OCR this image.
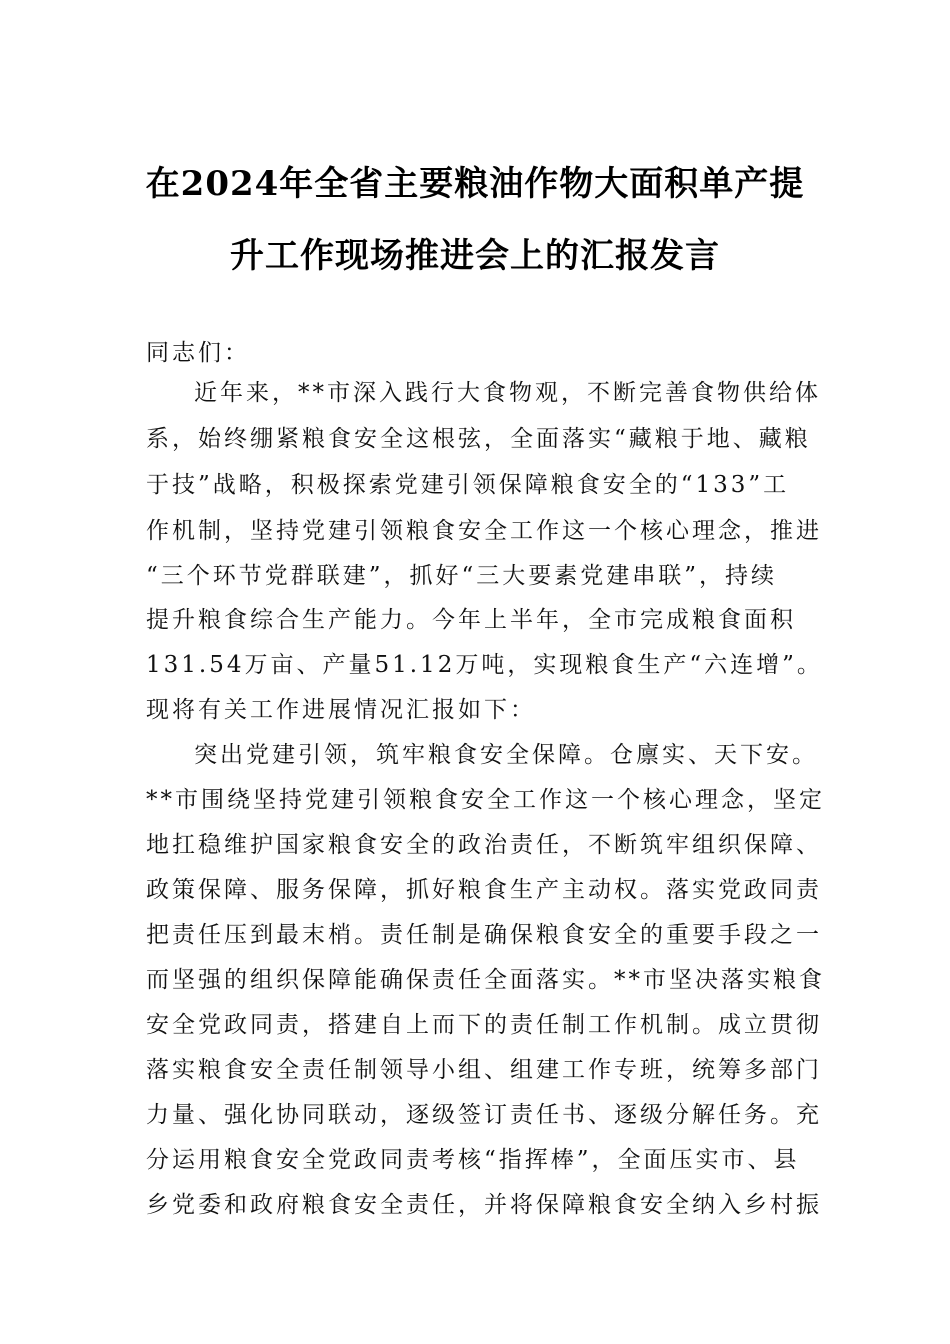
在2024年全省主要粮油作物大面积单产提
升工作现场推进会上的汇报发言
同志们：
近年来，**市深入践行大食物观，不断完善食物供给体
系，始终绷紧粮食安全这根弦，全面落实“藏粮于地、藏粮
于技”战略，积极探索党建引领保障粮食安全的“133”工
作机制，坚持党建引领粮食安全工作这一个核心理念，推进
“三个环节党群联建”，抓好“三大要素党建串联”，持续
提升粮食综合生产能力。今年上半年，全市完成粮食面积
131.54万亩、产量51.12万吨，实现粮食生产“六连增”。
现将有关工作进展情况汇报如下：
突出党建引领，筑牢粮食安全保障。仓廪实、天下安。
**市围绕坚持党建引领粮食安全工作这一个核心理念，坚定
地扛稳维护国家粮食安全的政治责任，不断筑牢组织保障、
政策保障、服务保障，抓好粮食生产主动权。落实党政同责
把责任压到最末梢。责任制是确保粮食安全的重要手段之一
而坚强的组织保障能确保责任全面落实。**市坚决落实粮食
安全党政同责，搭建自上而下的责任制工作机制。成立贯彻
落实粮食安全责任制领导小组、组建工作专班，统筹多部门
力量、强化协同联动，逐级签订责任书、逐级分解任务。充
分运用粮食安全党政同责考核“指挥棒”，全面压实市、县
乡党委和政府粮食安全责任，并将保障粮食安全纳入乡村振
